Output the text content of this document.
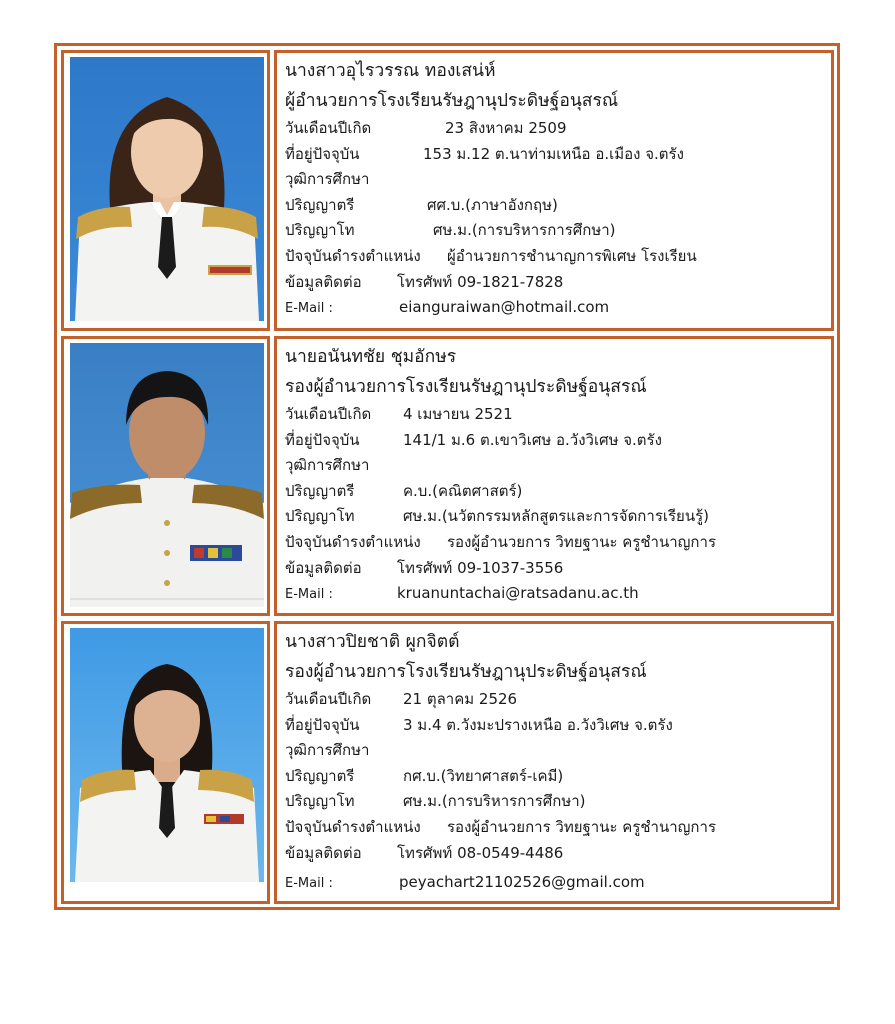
นางสาวอุไรวรรณ ทองเสน่ห์
ผู้อำนวยการโรงเรียนรัษฎานุประดิษฐ์อนุสรณ์
วันเดือนปีเกิด	23 สิงหาคม 2509
ที่อยู่ปัจจุบัน	153 ม.12 ต.นาท่ามเหนือ อ.เมือง จ.ตรัง
วุฒิการศึกษา
ปริญญาตรี	ศศ.บ.(ภาษาอังกฤษ)
ปริญญาโท	ศษ.ม.(การบริหารการศึกษา)
ปัจจุบันดำรงตำแหน่ง ผู้อำนวยการชำนาญการพิเศษ โรงเรียน
ข้อมูลติดต่อ โทรศัพท์ 09-1821-7828
E-Mail :	eianguraiwan@hotmail.com
นายอนันทชัย ชุมอักษร
รองผู้อำนวยการโรงเรียนรัษฎานุประดิษฐ์อนุสรณ์
วันเดือนปีเกิด 4 เมษายน 2521
ที่อยู่ปัจจุบัน	141/1 ม.6 ต.เขาวิเศษ อ.วังวิเศษ จ.ตรัง
วุฒิการศึกษา
ปริญญาตรี	ค.บ.(คณิตศาสตร์)
ปริญญาโท	ศษ.ม.(นวัตกรรมหลักสูตรและการจัดการเรียนรู้)
ปัจจุบันดำรงตำแหน่ง รองผู้อำนวยการ วิทยฐานะ ครูชำนาญการ
ข้อมูลติดต่อ โทรศัพท์ 09-1037-3556
E-Mail :	kruanuntachai@ratsadanu.ac.th
นางสาวปิยชาติ ผูกจิตต์
รองผู้อำนวยการโรงเรียนรัษฎานุประดิษฐ์อนุสรณ์
วันเดือนปีเกิด 21 ตุลาคม 2526
ที่อยู่ปัจจุบัน	3 ม.4 ต.วังมะปรางเหนือ อ.วังวิเศษ จ.ตรัง
วุฒิการศึกษา
ปริญญาตรี	กศ.บ.(วิทยาศาสตร์-เคมี)
ปริญญาโท	ศษ.ม.(การบริหารการศึกษา)
ปัจจุบันดำรงตำแหน่ง รองผู้อำนวยการ วิทยฐานะ ครูชำนาญการ
ข้อมูลติดต่อ โทรศัพท์ 08-0549-4486
E-Mail :	peyachart21102526@gmail.com
